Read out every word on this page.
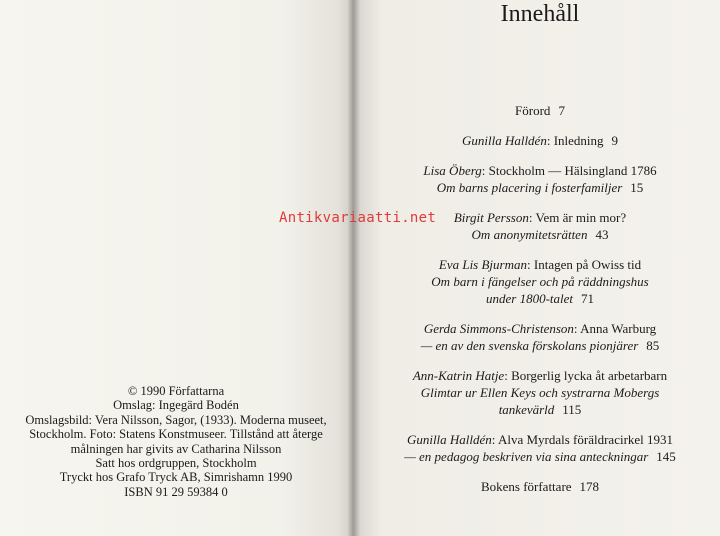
© 1990 Författarna
Omslag: Ingegärd Bodén
Omslagsbild: Vera Nilsson, Sagor, (1933). Moderna museet,
Stockholm. Foto: Statens Konstmuseer. Tillstånd att återge
målningen har givits av Catharina Nilsson
Satt hos ordgruppen, Stockholm
Tryckt hos Grafo Tryck AB, Simrishamn 1990
ISBN 91 29 59384 0
Innehåll
Förord 7
Gunilla Halldén: Inledning 9
Lisa Öberg: Stockholm — Hälsingland 1786
Om barns placering i fosterfamiljer 15
Birgit Persson: Vem är min mor?
Om anonymitetsrätten 43
Eva Lis Bjurman: Intagen på Owiss tid
Om barn i fängelser och på räddningshus
under 1800-talet 71
Gerda Simmons-Christenson: Anna Warburg
— en av den svenska förskolans pionjärer 85
Ann-Katrin Hatje: Borgerlig lycka åt arbetarbarn
Glimtar ur Ellen Keys och systrarna Mobergs
tankevärld 115
Gunilla Halldén: Alva Myrdals föräldracirkel 1931
— en pedagog beskriven via sina anteckningar 145
Bokens författare 178
Antikvariaatti.net
